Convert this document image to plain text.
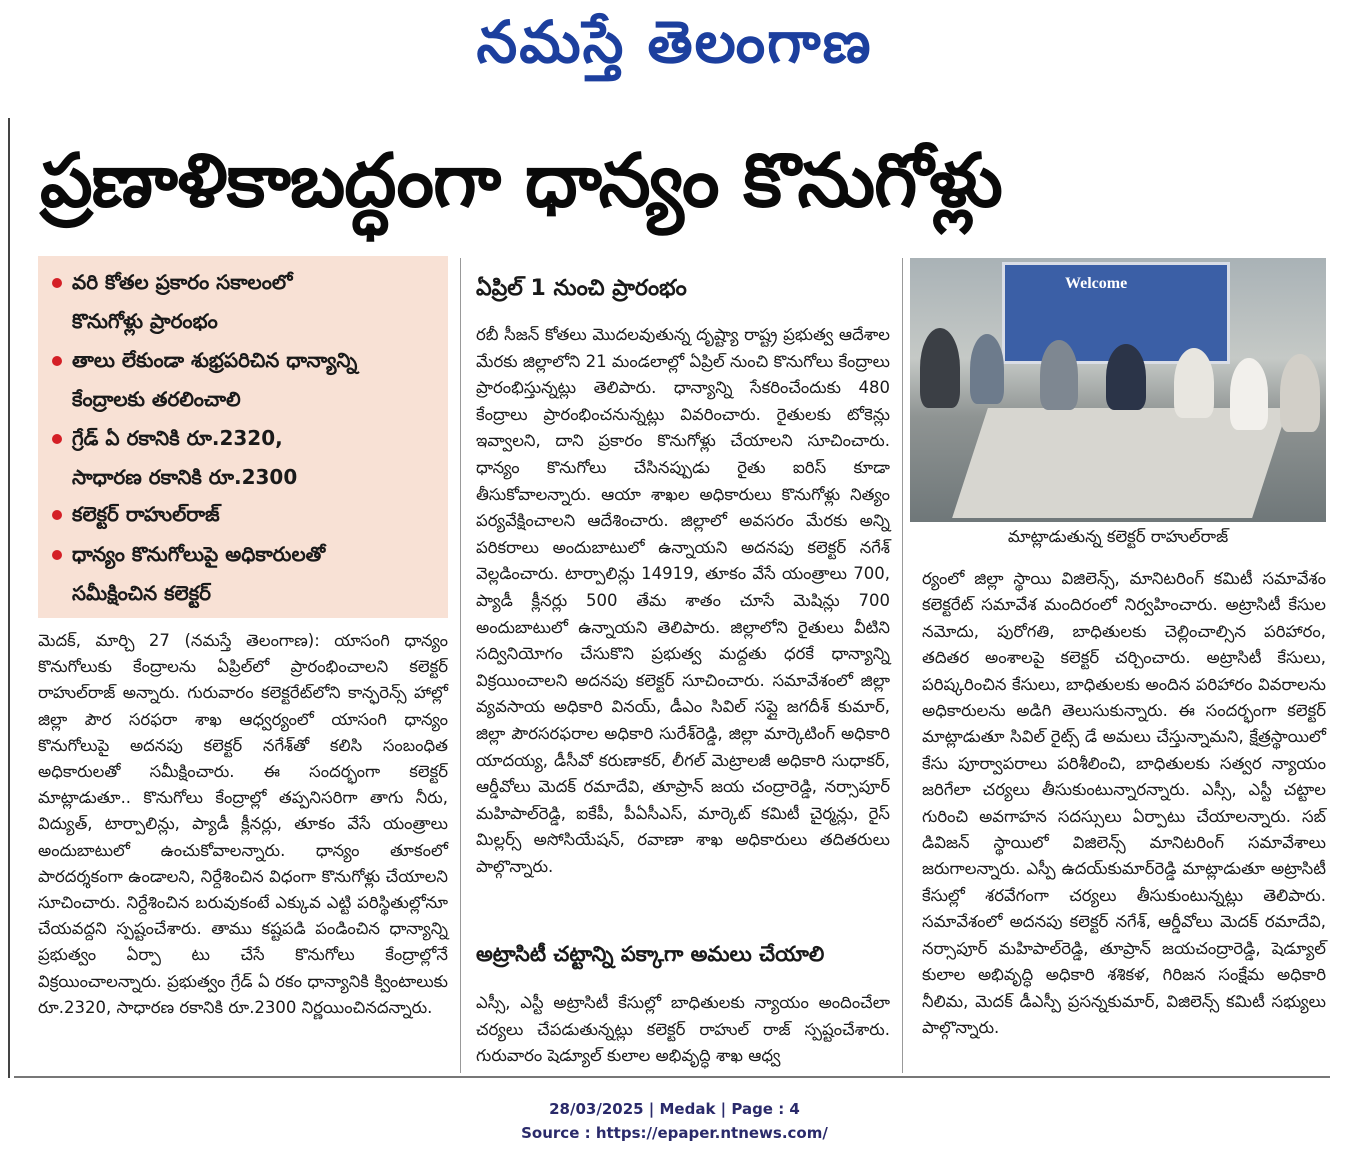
నమస్తే తెలంగాణ
ప్రణాళికాబద్ధంగా ధాన్యం కొనుగోళ్లు
వరి కోతల ప్రకారం సకాలంలో
కొనుగోళ్లు ప్రారంభం
తాలు లేకుండా శుభ్రపరిచిన ధాన్యాన్ని
కేంద్రాలకు తరలించాలి
గ్రేడ్ ఏ రకానికి రూ.2320,
సాధారణ రకానికి రూ.2300
కలెక్టర్ రాహుల్‌రాజ్
ధాన్యం కొనుగోలుపై అధికారులతో
సమీక్షించిన కలెక్టర్
మెదక్, మార్చి 27 (నమస్తే తెలంగాణ): యాసంగి ధాన్యం కొనుగోలుకు కేంద్రాలను ఏప్రిల్‌లో ప్రారంభించాలని కలెక్టర్ రాహుల్‌రాజ్ అన్నారు. గురువారం కలెక్టరేట్‌లోని కాన్ఫరెన్స్ హాల్లో జిల్లా పౌర సరఫరా శాఖ ఆధ్వర్యంలో యాసంగి ధాన్యం కొనుగోలుపై అదనపు కలెక్టర్ నగేశ్‌తో కలిసి సంబంధిత అధికారులతో సమీక్షించారు. ఈ సందర్భంగా కలెక్టర్ మాట్లాడుతూ.. కొనుగోలు కేంద్రాల్లో తప్పనిసరిగా తాగు నీరు, విద్యుత్, టార్పాలిన్లు, ప్యాడీ క్లీనర్లు, తూకం వేసే యంత్రాలు అందుబాటులో ఉంచుకోవాలన్నారు. ధాన్యం తూకంలో పారదర్శకంగా ఉండాలని, నిర్దేశించిన విధంగా కొనుగోళ్లు చేయాలని సూచించారు. నిర్దేశించిన బరువుకంటే ఎక్కువ ఎట్టి పరిస్థితుల్లోనూ చేయవద్దని స్పష్టంచేశారు. తాము కష్టపడి పండించిన ధాన్యాన్ని ప్రభుత్వం ఏర్పా టు చేసే కొనుగోలు కేంద్రాల్లోనే విక్రయించాలన్నారు. ప్రభుత్వం గ్రేడ్ ఏ రకం ధాన్యానికి క్వింటాలుకు రూ.2320, సాధారణ రకానికి రూ.2300 నిర్ణయించినదన్నారు.
ఏప్రిల్ 1 నుంచి ప్రారంభం
రబీ సీజన్ కోతలు మొదలవుతున్న దృష్ట్యా రాష్ట్ర ప్రభుత్వ ఆదేశాల మేరకు జిల్లాలోని 21 మండలాల్లో ఏప్రిల్ నుంచి కొనుగోలు కేంద్రాలు ప్రారంభిస్తున్నట్లు తెలిపారు. ధాన్యాన్ని సేకరించేందుకు 480 కేంద్రాలు ప్రారంభించనున్నట్లు వివరించారు. రైతులకు టోకెన్లు ఇవ్వాలని, దాని ప్రకారం కొనుగోళ్లు చేయాలని సూచించారు. ధాన్యం కొనుగోలు చేసినప్పుడు రైతు ఐరిస్ కూడా తీసుకోవాలన్నారు. ఆయా శాఖల అధికారులు కొనుగోళ్లు నిత్యం పర్యవేక్షించాలని ఆదేశించారు. జిల్లాలో అవసరం మేరకు అన్ని పరికరాలు అందుబాటులో ఉన్నాయని అదనపు కలెక్టర్ నగేశ్ వెల్లడించారు. టార్పాలిన్లు 14919, తూకం వేసే యంత్రాలు 700, ప్యాడీ క్లీనర్లు 500 తేమ శాతం చూసే మెషిన్లు 700 అందుబాటులో ఉన్నాయని తెలిపారు. జిల్లాలోని రైతులు వీటిని సద్వినియోగం చేసుకొని ప్రభుత్వ మద్దతు ధరకే ధాన్యాన్ని విక్రయించాలని అదనపు కలెక్టర్ సూచించారు. సమావేశంలో జిల్లా వ్యవసాయ అధికారి వినయ్, డీఎం సివిల్ సప్లై జగదీశ్ కుమార్, జిల్లా పౌరసరఫరాల అధికారి సురేశ్‌రెడ్డి, జిల్లా మార్కెటింగ్ అధికారి యాదయ్య, డీసీవో కరుణాకర్, లీగల్ మెట్రాలజీ అధికారి సుధాకర్, ఆర్డీవోలు మెదక్ రమాదేవి, తూప్రాన్ జయ చంద్రారెడ్డి, నర్సాపూర్ మహిపాల్‌రెడ్డి, ఐకేపీ, పీఏసీఎస్, మార్కెట్ కమిటీ చైర్మన్లు, రైస్ మిల్లర్స్ అసోసియేషన్, రవాణా శాఖ అధికారులు తదితరులు పాల్గొన్నారు.
అట్రాసిటీ చట్టాన్ని పక్కాగా అమలు చేయాలి
ఎస్సీ, ఎస్టీ అట్రాసిటీ కేసుల్లో బాధితులకు న్యాయం అందించేలా చర్యలు చేపడుతున్నట్లు కలెక్టర్ రాహుల్ రాజ్ స్పష్టంచేశారు. గురువారం షెడ్యూల్ కులాల అభివృద్ధి శాఖ ఆధ్వ
Welcome
మాట్లాడుతున్న కలెక్టర్ రాహుల్‌రాజ్
ర్యంలో జిల్లా స్థాయి విజిలెన్స్, మానిటరింగ్ కమిటీ సమావేశం కలెక్టరేట్ సమావేశ మందిరంలో నిర్వహించారు. అట్రాసిటీ కేసుల నమోదు, పురోగతి, బాధితులకు చెల్లించాల్సిన పరిహారం, తదితర అంశాలపై కలెక్టర్ చర్చించారు. అట్రాసిటీ కేసులు, పరిష్కరించిన కేసులు, బాధితులకు అందిన పరిహారం వివరాలను అధికారులను అడిగి తెలుసుకున్నారు. ఈ సందర్భంగా కలెక్టర్ మాట్లాడుతూ సివిల్ రైట్స్ డే అమలు చేస్తున్నామని, క్షేత్రస్థాయిలో కేసు పూర్వాపరాలు పరిశీలించి, బాధితులకు సత్వర న్యాయం జరిగేలా చర్యలు తీసుకుంటున్నారన్నారు. ఎస్సీ, ఎస్టీ చట్టాల గురించి అవగాహన సదస్సులు ఏర్పాటు చేయాలన్నారు. సబ్ డివిజన్ స్థాయిలో విజిలెన్స్ మానిటరింగ్ సమావేశాలు జరుగాలన్నారు. ఎస్పీ ఉదయ్‌కుమార్‌రెడ్డి మాట్లాడుతూ అట్రాసిటీ కేసుల్లో శరవేగంగా చర్యలు తీసుకుంటున్నట్లు తెలిపారు. సమావేశంలో అదనపు కలెక్టర్ నగేశ్, ఆర్డీవోలు మెదక్ రమాదేవి, నర్సాపూర్ మహిపాల్‌రెడ్డి, తూప్రాన్ జయచంద్రారెడ్డి, షెడ్యూల్ కులాల అభివృద్ధి అధికారి శశికళ, గిరిజన సంక్షేమ అధికారి నీలిమ, మెదక్ డీఎస్పీ ప్రసన్నకుమార్, విజిలెన్స్ కమిటీ సభ్యులు పాల్గొన్నారు.
28/03/2025 | Medak | Page : 4
Source : https://epaper.ntnews.com/
